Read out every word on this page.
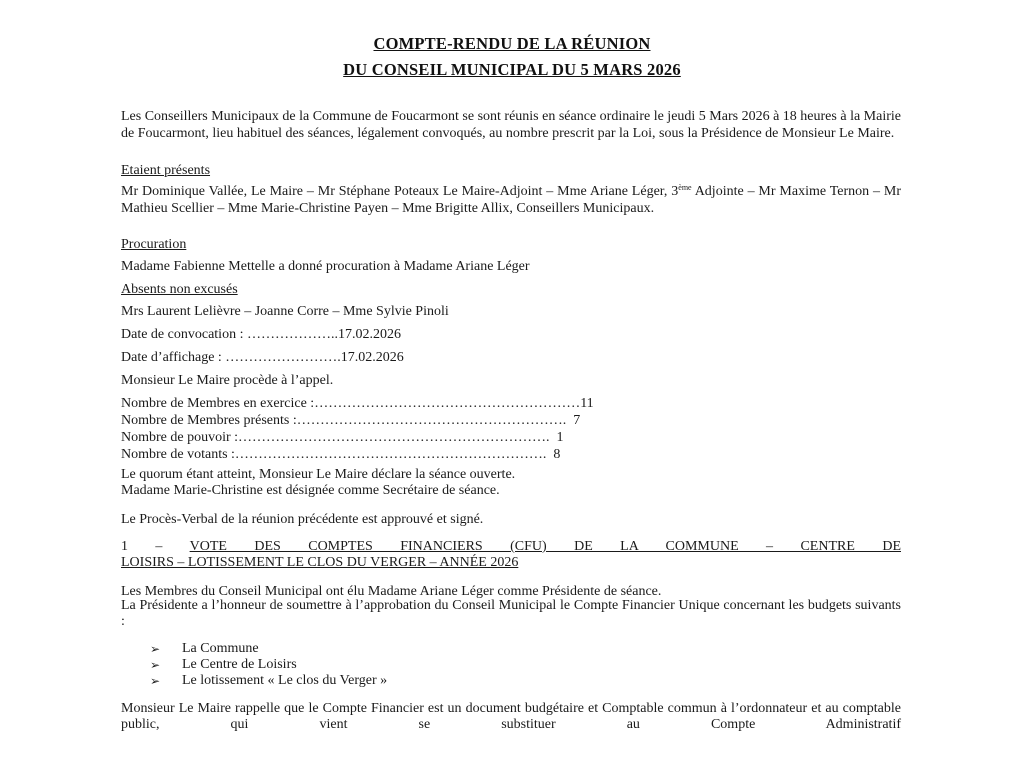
COMPTE-RENDU DE LA RÉUNION
DU CONSEIL MUNICIPAL DU 5 MARS 2026
Les Conseillers Municipaux de la Commune de Foucarmont se sont réunis en séance ordinaire le jeudi 5 Mars 2026 à 18 heures à la Mairie de Foucarmont, lieu habituel des séances, légalement convoqués, au nombre prescrit par la Loi, sous la Présidence de Monsieur Le Maire.
Etaient présents
Mr Dominique Vallée, Le Maire – Mr Stéphane Poteaux Le Maire-Adjoint – Mme Ariane Léger, 3ème Adjointe – Mr Maxime Ternon – Mr Mathieu Scellier – Mme Marie-Christine Payen – Mme Brigitte Allix, Conseillers Municipaux.
Procuration
Madame Fabienne Mettelle a donné procuration à Madame Ariane Léger
Absents non excusés
Mrs Laurent Lelièvre – Joanne Corre – Mme Sylvie Pinoli
Date de convocation : ………………..17.02.2026
Date d’affichage : …………………….17.02.2026
Monsieur Le Maire procède à l’appel.
Nombre de Membres en exercice : ………………………………………………… 11
Nombre de Membres présents : ………………………………………………… .  7
Nombre de pouvoir : ………………………………………………………… .  1
Nombre de votants : ………………………………………………………… .  8
Le quorum étant atteint, Monsieur Le Maire déclare la séance ouverte.
Madame Marie-Christine est désignée comme Secrétaire de séance.
Le Procès-Verbal de la réunion précédente est approuvé et signé.
1 – VOTE DES COMPTES FINANCIERS (CFU) DE LA COMMUNE – CENTRE DE
LOISIRS – LOTISSEMENT LE CLOS DU VERGER – ANNÉE 2026
Les Membres du Conseil Municipal ont élu Madame Ariane Léger comme Présidente de séance.
La Présidente a l’honneur de soumettre à l’approbation du Conseil Municipal le Compte Financier Unique concernant les budgets suivants :
➢	La Commune
➢	Le Centre de Loisirs
➢	Le lotissement « Le clos du Verger »
Monsieur Le Maire rappelle que le Compte Financier est un document budgétaire et Comptable commun à l’ordonnateur et au comptable public, qui vient se substituer au Compte Administratif
